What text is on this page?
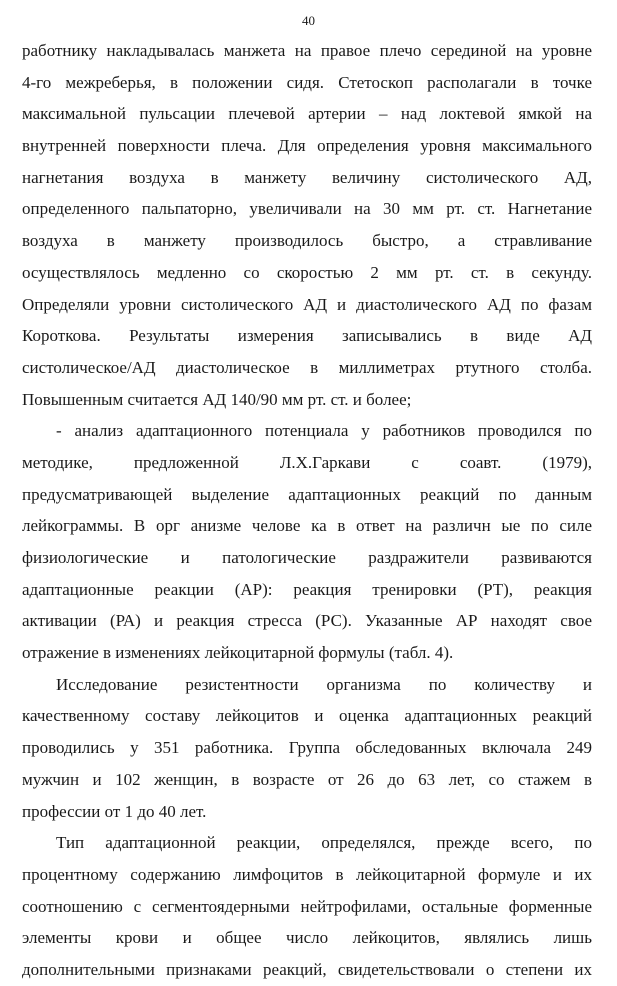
40
работнику накладывалась манжета на правое плечо серединой на уровне
4-го межреберья, в положении сидя. Стетоскоп располагали в точке
максимальной пульсации плечевой артерии – над локтевой ямкой на
внутренней поверхности плеча. Для определения уровня максимального
нагнетания воздуха в манжету величину систолического АД,
определенного пальпаторно, увеличивали на 30 мм рт. ст. Нагнетание
воздуха в манжету производилось быстро, а стравливание
осуществлялось медленно со скоростью 2 мм рт. ст. в секунду.
Определяли уровни систолического АД и диастолического АД по фазам
Короткова. Результаты измерения записывались в виде АД
систолическое/АД диастолическое в миллиметрах ртутного столба.
Повышенным считается АД 140/90 мм рт. ст. и более;
- анализ адаптационного потенциала у работников проводился по
методике, предложенной Л.Х.Гаркави с соавт. (1979),
предусматривающей выделение адаптационных реакций по данным
лейкограммы. В орг анизме челове ка в ответ на различн ые по силе
физиологические и патологические раздражители развиваются
адаптационные реакции (АР): реакция тренировки (РТ), реакция
активации (РА) и реакция стресса (РС). Указанные АР находят свое
отражение в изменениях лейкоцитарной формулы (табл. 4).
Исследование резистентности организма по количеству и
качественному составу лейкоцитов и оценка адаптационных реакций
проводились у 351 работника. Группа обследованных включала 249
мужчин и 102 женщин, в возрасте от 26 до 63 лет, со стажем в
профессии от 1 до 40 лет.
Тип адаптационной реакции, определялся, прежде всего, по
процентному содержанию лимфоцитов в лейкоцитарной формуле и их
соотношению с сегментоядерными нейтрофилами, остальные форменные
элементы крови и общее число лейкоцитов, являлись лишь
дополнительными признаками реакций, свидетельствовали о степени их
